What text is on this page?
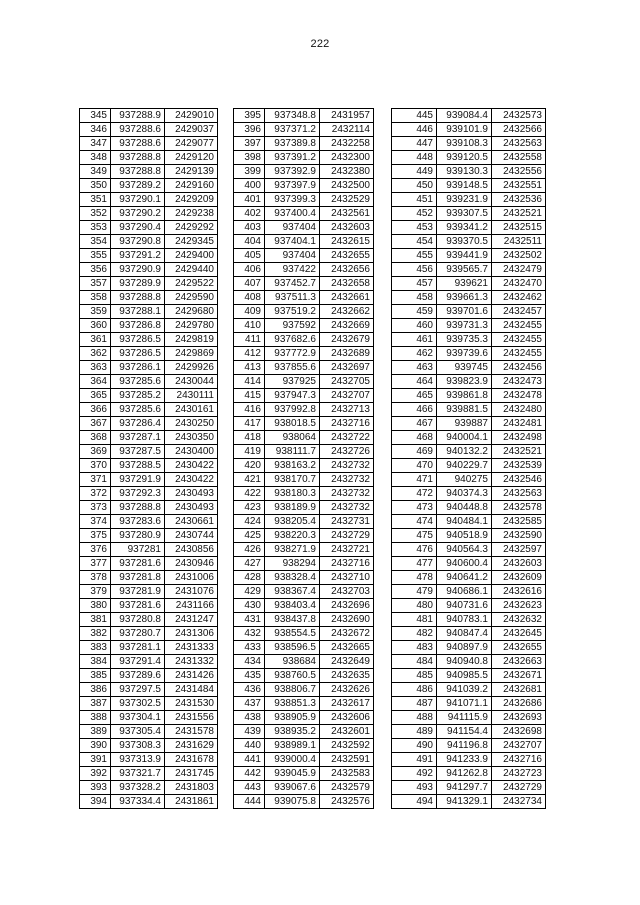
222
345	937288.9	2429010
346	937288.6	2429037
347	937288.6	2429077
348	937288.8	2429120
349	937288.8	2429139
350	937289.2	2429160
351	937290.1	2429209
352	937290.2	2429238
353	937290.4	2429292
354	937290.8	2429345
355	937291.2	2429400
356	937290.9	2429440
357	937289.9	2429522
358	937288.8	2429590
359	937288.1	2429680
360	937286.8	2429780
361	937286.5	2429819
362	937286.5	2429869
363	937286.1	2429926
364	937285.6	2430044
365	937285.2	2430111
366	937285.6	2430161
367	937286.4	2430250
368	937287.1	2430350
369	937287.5	2430400
370	937288.5	2430422
371	937291.9	2430422
372	937292.3	2430493
373	937288.8	2430493
374	937283.6	2430661
375	937280.9	2430744
376	937281	2430856
377	937281.6	2430946
378	937281.8	2431006
379	937281.9	2431076
380	937281.6	2431166
381	937280.8	2431247
382	937280.7	2431306
383	937281.1	2431333
384	937291.4	2431332
385	937289.6	2431426
386	937297.5	2431484
387	937302.5	2431530
388	937304.1	2431556
389	937305.4	2431578
390	937308.3	2431629
391	937313.9	2431678
392	937321.7	2431745
393	937328.2	2431803
394	937334.4	2431861
395	937348.8	2431957
396	937371.2	2432114
397	937389.8	2432258
398	937391.2	2432300
399	937392.9	2432380
400	937397.9	2432500
401	937399.3	2432529
402	937400.4	2432561
403	937404	2432603
404	937404.1	2432615
405	937404	2432655
406	937422	2432656
407	937452.7	2432658
408	937511.3	2432661
409	937519.2	2432662
410	937592	2432669
411	937682.6	2432679
412	937772.9	2432689
413	937855.6	2432697
414	937925	2432705
415	937947.3	2432707
416	937992.8	2432713
417	938018.5	2432716
418	938064	2432722
419	938111.7	2432726
420	938163.2	2432732
421	938170.7	2432732
422	938180.3	2432732
423	938189.9	2432732
424	938205.4	2432731
425	938220.3	2432729
426	938271.9	2432721
427	938294	2432716
428	938328.4	2432710
429	938367.4	2432703
430	938403.4	2432696
431	938437.8	2432690
432	938554.5	2432672
433	938596.5	2432665
434	938684	2432649
435	938760.5	2432635
436	938806.7	2432626
437	938851.3	2432617
438	938905.9	2432606
439	938935.2	2432601
440	938989.1	2432592
441	939000.4	2432591
442	939045.9	2432583
443	939067.6	2432579
444	939075.8	2432576
445	939084.4	2432573
446	939101.9	2432566
447	939108.3	2432563
448	939120.5	2432558
449	939130.3	2432556
450	939148.5	2432551
451	939231.9	2432536
452	939307.5	2432521
453	939341.2	2432515
454	939370.5	2432511
455	939441.9	2432502
456	939565.7	2432479
457	939621	2432470
458	939661.3	2432462
459	939701.6	2432457
460	939731.3	2432455
461	939735.3	2432455
462	939739.6	2432455
463	939745	2432456
464	939823.9	2432473
465	939861.8	2432478
466	939881.5	2432480
467	939887	2432481
468	940004.1	2432498
469	940132.2	2432521
470	940229.7	2432539
471	940275	2432546
472	940374.3	2432563
473	940448.8	2432578
474	940484.1	2432585
475	940518.9	2432590
476	940564.3	2432597
477	940600.4	2432603
478	940641.2	2432609
479	940686.1	2432616
480	940731.6	2432623
481	940783.1	2432632
482	940847.4	2432645
483	940897.9	2432655
484	940940.8	2432663
485	940985.5	2432671
486	941039.2	2432681
487	941071.1	2432686
488	941115.9	2432693
489	941154.4	2432698
490	941196.8	2432707
491	941233.9	2432716
492	941262.8	2432723
493	941297.7	2432729
494	941329.1	2432734
